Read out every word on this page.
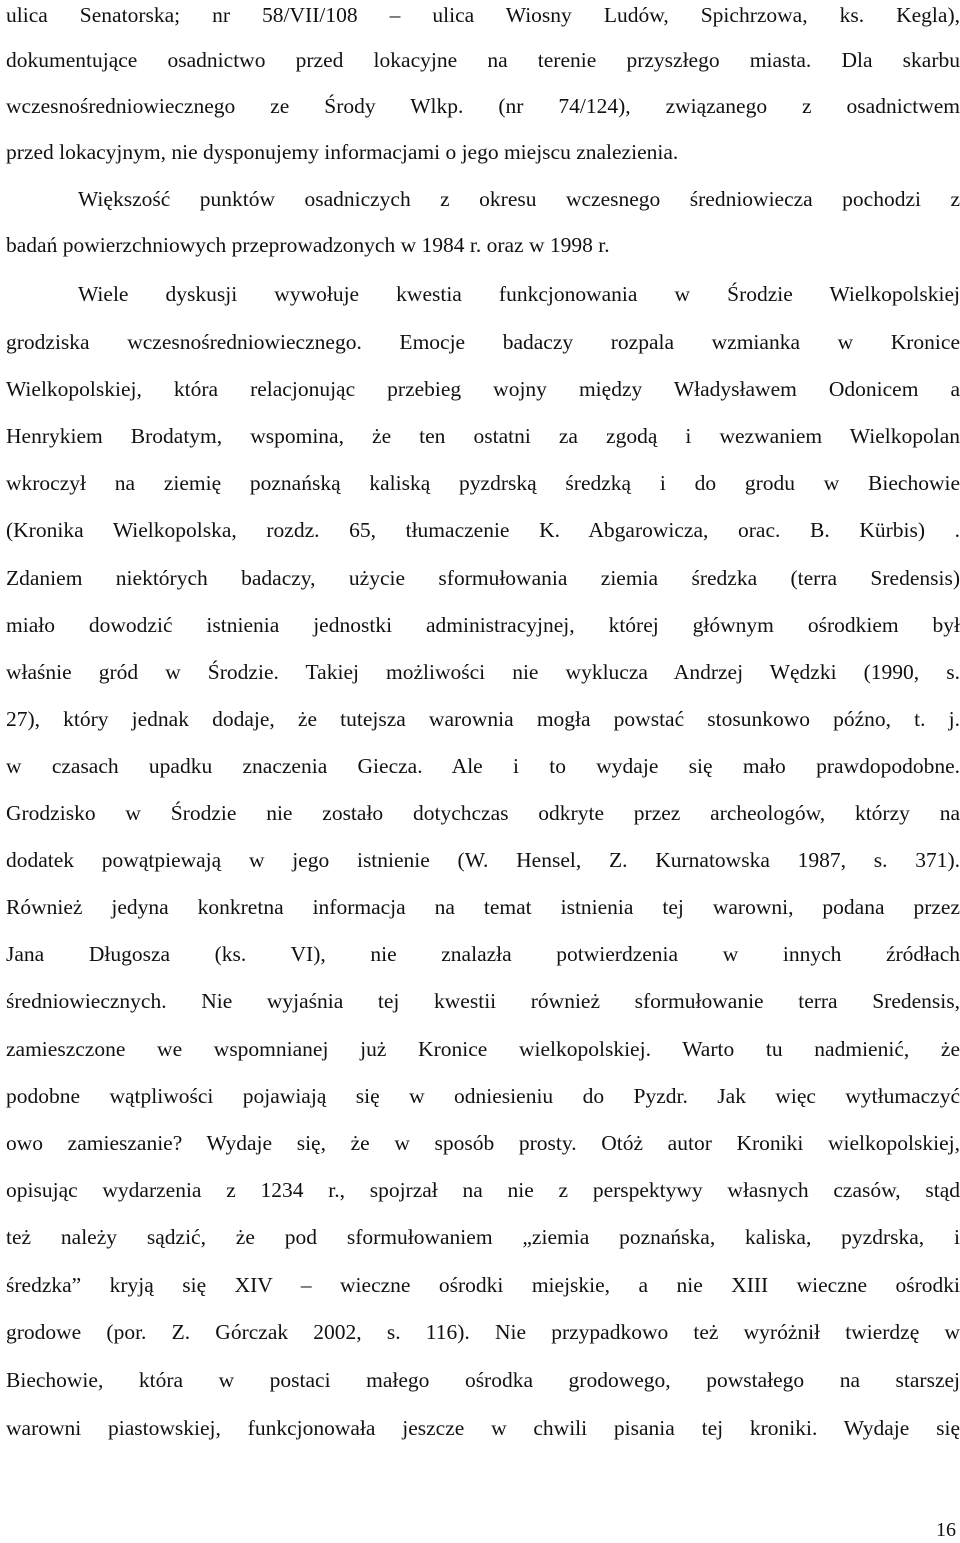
ulica Senatorska; nr 58/VII/108 – ulica Wiosny Ludów, Spichrzowa, ks. Kegla),
dokumentujące osadnictwo przed lokacyjne na terenie przyszłego miasta. Dla skarbu
wczesnośredniowiecznego ze Środy Wlkp. (nr 74/124), związanego z osadnictwem
przed lokacyjnym, nie dysponujemy informacjami o jego miejscu znalezienia.
Większość punktów osadniczych z okresu wczesnego średniowiecza pochodzi z
badań powierzchniowych przeprowadzonych w 1984 r. oraz w 1998 r.
Wiele dyskusji wywołuje kwestia funkcjonowania w Środzie Wielkopolskiej
grodziska wczesnośredniowiecznego. Emocje badaczy rozpala wzmianka w Kronice
Wielkopolskiej, która relacjonując przebieg wojny między Władysławem Odonicem a
Henrykiem Brodatym, wspomina, że ten ostatni za zgodą i wezwaniem Wielkopolan
wkroczył na ziemię poznańską kaliską pyzdrską średzką i do grodu w Biechowie
(Kronika Wielkopolska, rozdz. 65, tłumaczenie K. Abgarowicza, orac. B. Kürbis) .
Zdaniem niektórych badaczy, użycie sformułowania ziemia średzka (terra Sredensis)
miało dowodzić istnienia jednostki administracyjnej, której głównym ośrodkiem był
właśnie gród w Środzie. Takiej możliwości nie wyklucza Andrzej Wędzki (1990, s.
27), który jednak dodaje, że tutejsza warownia mogła powstać stosunkowo późno, t. j.
w czasach upadku znaczenia Giecza. Ale i to wydaje się mało prawdopodobne.
Grodzisko w Środzie nie zostało dotychczas odkryte przez archeologów, którzy na
dodatek powątpiewają w jego istnienie (W. Hensel, Z. Kurnatowska 1987, s. 371).
Również jedyna konkretna informacja na temat istnienia tej warowni, podana przez
Jana Długosza (ks. VI), nie znalazła potwierdzenia w innych źródłach
średniowiecznych. Nie wyjaśnia tej kwestii również sformułowanie terra Sredensis,
zamieszczone we wspomnianej już Kronice wielkopolskiej. Warto tu nadmienić, że
podobne wątpliwości pojawiają się w odniesieniu do Pyzdr. Jak więc wytłumaczyć
owo zamieszanie? Wydaje się, że w sposób prosty. Otóż autor Kroniki wielkopolskiej,
opisując wydarzenia z 1234 r., spojrzał na nie z perspektywy własnych czasów, stąd
też należy sądzić, że pod sformułowaniem „ziemia poznańska, kaliska, pyzdrska, i
średzka” kryją się XIV – wieczne ośrodki miejskie, a nie XIII wieczne ośrodki
grodowe (por. Z. Górczak 2002, s. 116). Nie przypadkowo też wyróżnił twierdzę w
Biechowie, która w postaci małego ośrodka grodowego, powstałego na starszej
warowni piastowskiej, funkcjonowała jeszcze w chwili pisania tej kroniki. Wydaje się
16
